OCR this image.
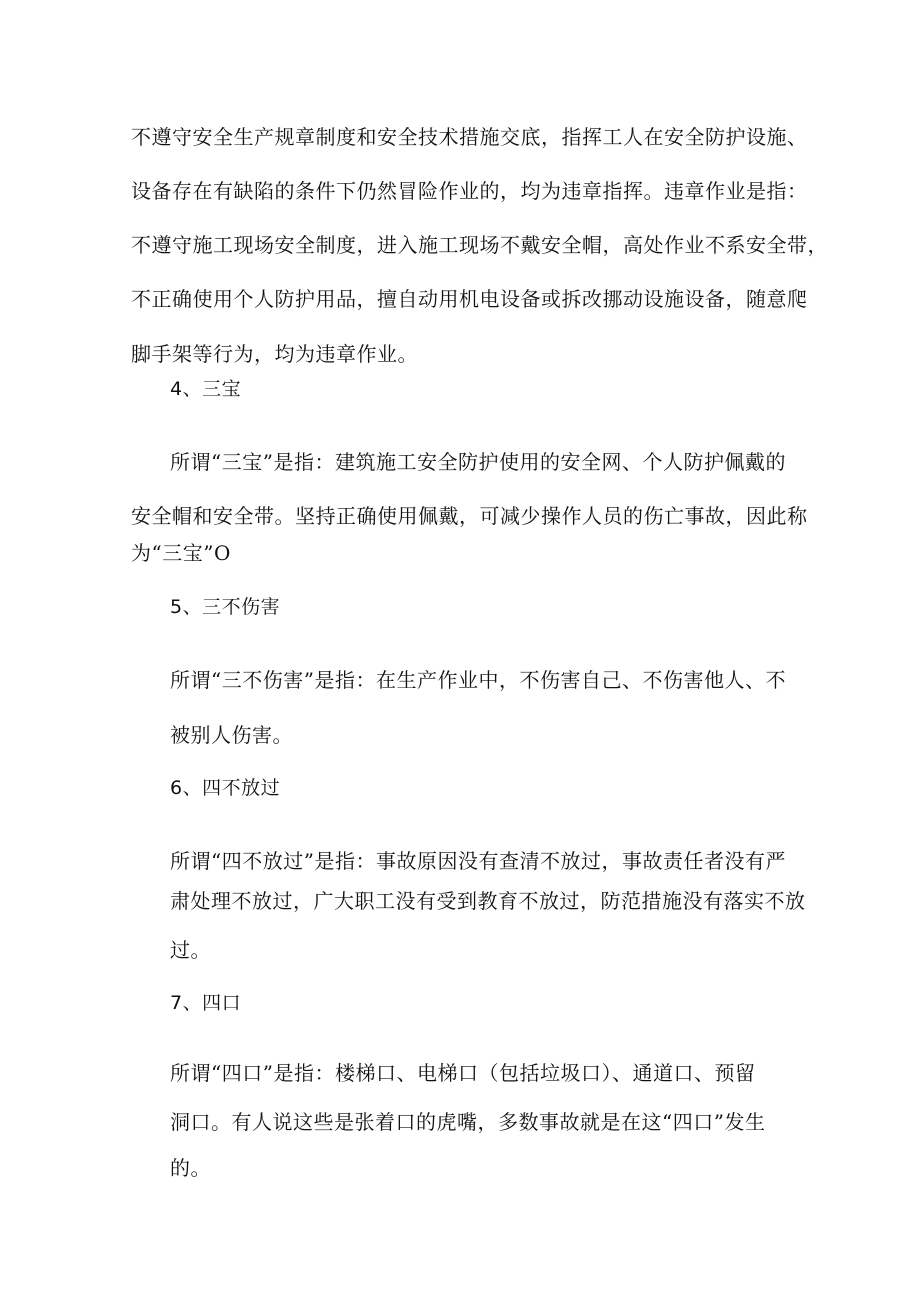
不遵守安全生产规章制度和安全技术措施交底，指挥工人在安全防护设施、
设备存在有缺陷的条件下仍然冒险作业的，均为违章指挥。违章作业是指：
不遵守施工现场安全制度，进入施工现场不戴安全帽，高处作业不系安全带，
不正确使用个人防护用品，擅自动用机电设备或拆改挪动设施设备，随意爬
脚手架等行为，均为违章作业。
4、三宝
所谓“三宝”是指：建筑施工安全防护使用的安全网、个人防护佩戴的
安全帽和安全带。坚持正确使用佩戴，可减少操作人员的伤亡事故，因此称
为“三宝”O
5、三不伤害
所谓“三不伤害”是指：在生产作业中，不伤害自己、不伤害他人、不
被别人伤害。
6、四不放过
所谓“四不放过”是指：事故原因没有查清不放过，事故责任者没有严
肃处理不放过，广大职工没有受到教育不放过，防范措施没有落实不放
过。
7、四口
所谓“四口”是指：楼梯口、电梯口（包括垃圾口）、通道口、预留
洞口。有人说这些是张着口的虎嘴，多数事故就是在这“四口”发生
的。
